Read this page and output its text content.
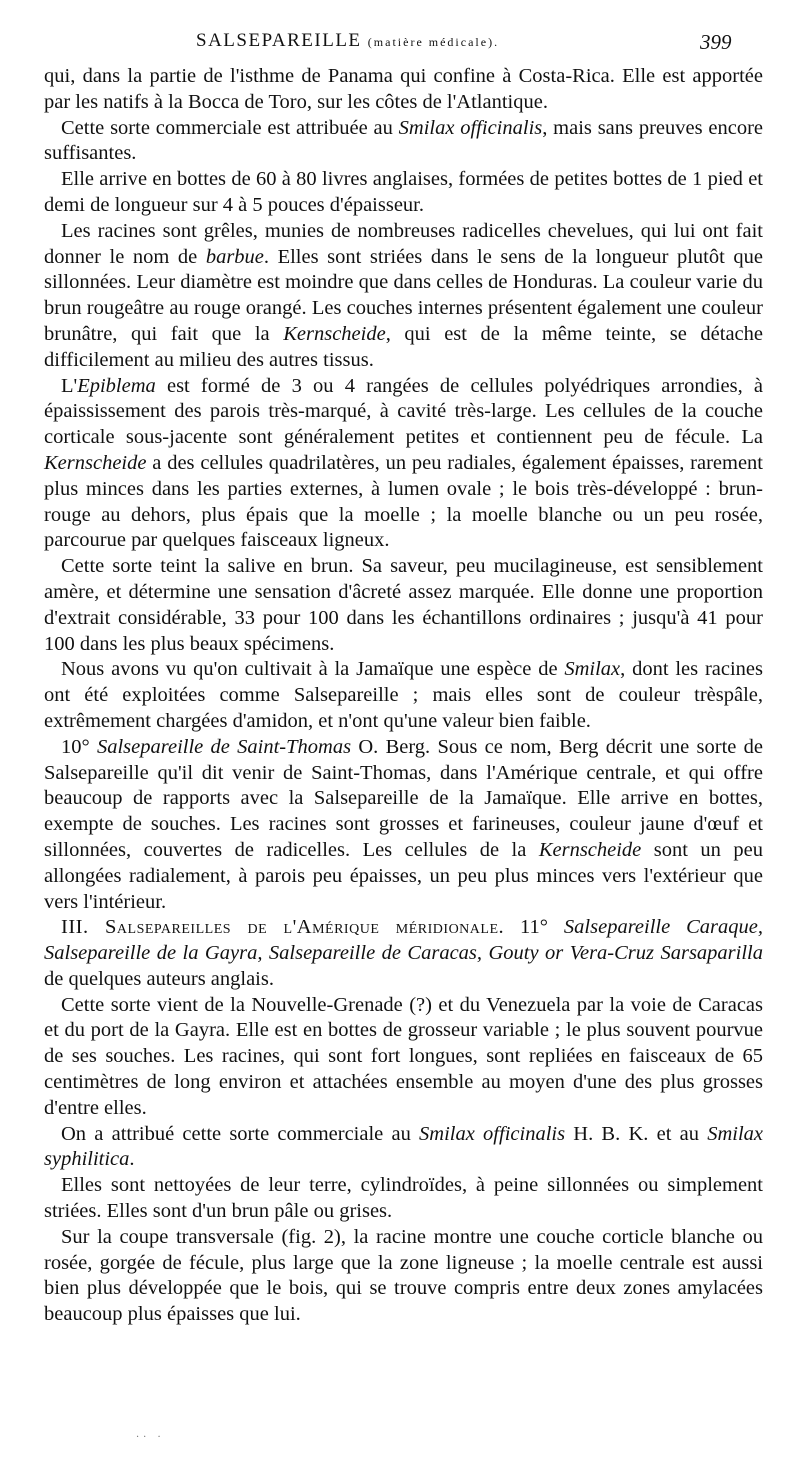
SALSEPAREILLE (matière médicale).	399

qui, dans la partie de l'isthme de Panama qui confine à Costa-Rica. Elle est apportée par les natifs à la Bocca de Toro, sur les côtes de l'Atlantique.

Cette sorte commerciale est attribuée au Smilax officinalis, mais sans preuves encore suffisantes.

Elle arrive en bottes de 60 à 80 livres anglaises, formées de petites bottes de 1 pied et demi de longueur sur 4 à 5 pouces d'épaisseur.

Les racines sont grêles, munies de nombreuses radicelles chevelues, qui lui ont fait donner le nom de barbue. Elles sont striées dans le sens de la longueur plutôt que sillonnées. Leur diamètre est moindre que dans celles de Honduras. La couleur varie du brun rougeâtre au rouge orangé. Les couches internes présentent également une couleur brunâtre, qui fait que la Kernscheide, qui est de la même teinte, se détache difficilement au milieu des autres tissus.

L'Epiblema est formé de 3 ou 4 rangées de cellules polyédriques arrondies, à épaississement des parois très-marqué, à cavité très-large. Les cellules de la couche corticale sous-jacente sont généralement petites et contiennent peu de fécule. La Kernscheide a des cellules quadrilatères, un peu radiales, également épaisses, rarement plus minces dans les parties externes, à lumen ovale ; le bois très-développé : brun-rouge au dehors, plus épais que la moelle ; la moelle blanche ou un peu rosée, parcourue par quelques faisceaux ligneux.

Cette sorte teint la salive en brun. Sa saveur, peu mucilagineuse, est sensiblement amère, et détermine une sensation d'âcreté assez marquée. Elle donne une proportion d'extrait considérable, 33 pour 100 dans les échantillons ordinaires ; jusqu'à 41 pour 100 dans les plus beaux spécimens.

Nous avons vu qu'on cultivait à la Jamaïque une espèce de Smilax, dont les racines ont été exploitées comme Salsepareille ; mais elles sont de couleur trèspâle, extrêmement chargées d'amidon, et n'ont qu'une valeur bien faible.

10° Salsepareille de Saint-Thomas O. Berg. Sous ce nom, Berg décrit une sorte de Salsepareille qu'il dit venir de Saint-Thomas, dans l'Amérique centrale, et qui offre beaucoup de rapports avec la Salsepareille de la Jamaïque. Elle arrive en bottes, exempte de souches. Les racines sont grosses et farineuses, couleur jaune d'œuf et sillonnées, couvertes de radicelles. Les cellules de la Kernscheide sont un peu allongées radialement, à parois peu épaisses, un peu plus minces vers l'extérieur que vers l'intérieur.

III. Salsepareilles de l'Amérique méridionale. 11° Salsepareille Caraque, Salsepareille de la Gayra, Salsepareille de Caracas, Gouty or Vera-Cruz Sarsaparilla de quelques auteurs anglais.

Cette sorte vient de la Nouvelle-Grenade (?) et du Venezuela par la voie de Caracas et du port de la Gayra. Elle est en bottes de grosseur variable ; le plus souvent pourvue de ses souches. Les racines, qui sont fort longues, sont repliées en faisceaux de 65 centimètres de long environ et attachées ensemble au moyen d'une des plus grosses d'entre elles.

On a attribué cette sorte commerciale au Smilax officinalis H. B. K. et au Smilax syphilitica.

Elles sont nettoyées de leur terre, cylindroïdes, à peine sillonnées ou simplement striées. Elles sont d'un brun pâle ou grises.

Sur la coupe transversale (fig. 2), la racine montre une couche corticle blanche ou rosée, gorgée de fécule, plus large que la zone ligneuse ; la moelle centrale est aussi bien plus développée que le bois, qui se trouve compris entre deux zones amylacées beaucoup plus épaisses que lui.

·· ·
